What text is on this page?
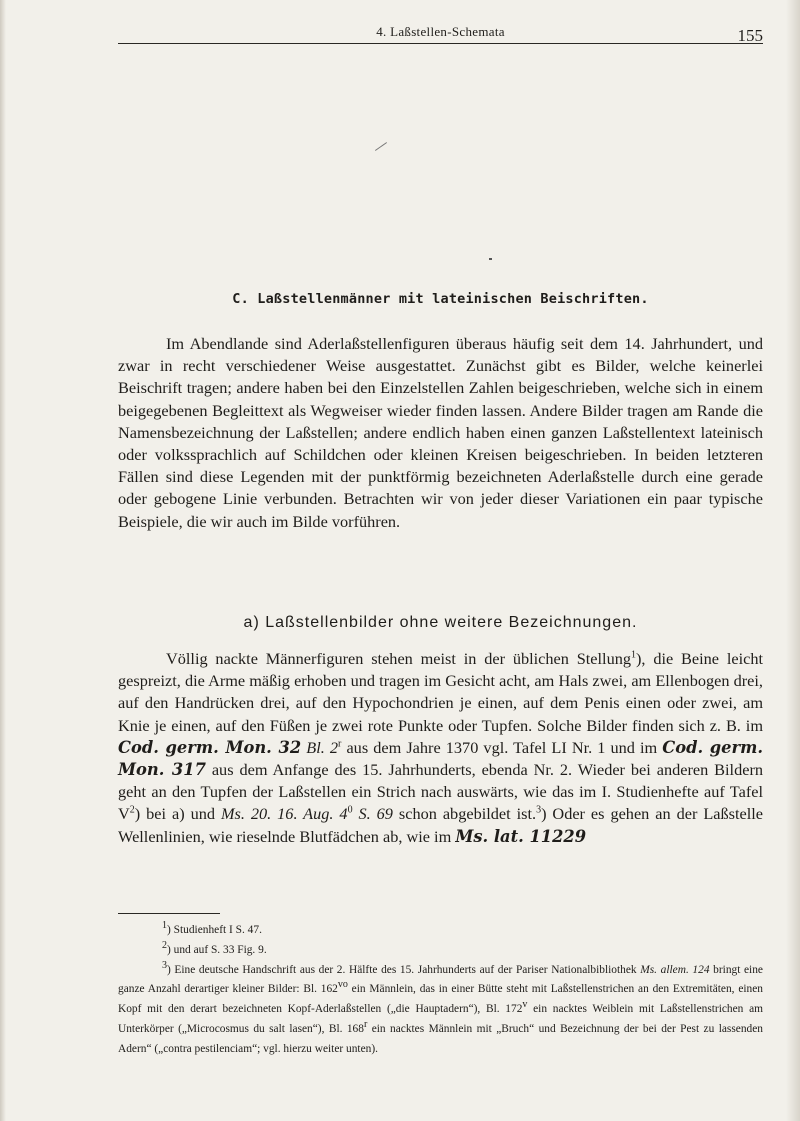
4. Laßstellen-Schemata	155
C. Laßstellenmänner mit lateinischen Beischriften.

Im Abendlande sind Aderlaßstellenfiguren überaus häufig seit dem 14. Jahrhundert, und zwar in recht verschiedener Weise ausgestattet. Zunächst gibt es Bilder, welche keinerlei Beischrift tragen; andere haben bei den Einzelstellen Zahlen beigeschrieben, welche sich in einem beigegebenen Begleittext als Wegweiser wieder finden lassen. Andere Bilder tragen am Rande die Namensbezeichnung der Laßstellen; andere endlich haben einen ganzen Laßstellentext lateinisch oder volkssprachlich auf Schildchen oder kleinen Kreisen beigeschrieben. In beiden letzteren Fällen sind diese Legenden mit der punktförmig bezeichneten Aderlaßstelle durch eine gerade oder gebogene Linie verbunden. Betrachten wir von jeder dieser Variationen ein paar typische Beispiele, die wir auch im Bilde vorführen.

a) Laßstellenbilder ohne weitere Bezeichnungen.

Völlig nackte Männerfiguren stehen meist in der üblichen Stellung$^1$), die Beine leicht gespreizt, die Arme mäßig erhoben und tragen im Gesicht acht, am Hals zwei, am Ellenbogen drei, auf den Handrücken drei, auf den Hypochondrien je einen, auf dem Penis einen oder zwei, am Knie je einen, auf den Füßen je zwei rote Punkte oder Tupfen. Solche Bilder finden sich z. B. im Cod. germ. Mon. 32 Bl. 2$^r$ aus dem Jahre 1370 vgl. Tafel LI Nr. 1 und im Cod. germ. Mon. 317 aus dem Anfange des 15. Jahrhunderts, ebenda Nr. 2. Wieder bei anderen Bildern geht an den Tupfen der Laßstellen ein Strich nach auswärts, wie das im I. Studienhefte auf Tafel $V^2$) bei a) und Ms. 20. 16. Aug. $4^0$ S. 69 schon abgebildet ist.$^3$) Oder es gehen an der Laßstelle Wellenlinien, wie rieselnde Blutfädchen ab, wie im Ms. lat. 11229

$^1$) Studienheft I S. 47.

$^2$) und auf S. 33 Fig. 9.

$^3$) Eine deutsche Handschrift aus der 2. Hälfte des 15. Jahrhunderts auf der Pariser Nationalbibliothek Ms. allem. 124 bringt eine ganze Anzahl derartiger kleiner Bilder: Bl. $162^{vo}$ ein Männlein, das in einer Bütte steht mit Laßstellenstrichen an den Extremitäten, einen Kopf mit den derart bezeichneten Kopf-Aderlaßstellen („die Hauptadern“), Bl. 172$^v$ ein nacktes Weiblein mit Laßstellenstrichen am Unterkörper („Microcosmus du salt lasen“), Bl. 168$^r$ ein nacktes Männlein mit „Bruch“ und Bezeichnung der bei der Pest zu lassenden Adern“ („contra pestilenciam“; vgl. hierzu weiter unten).
